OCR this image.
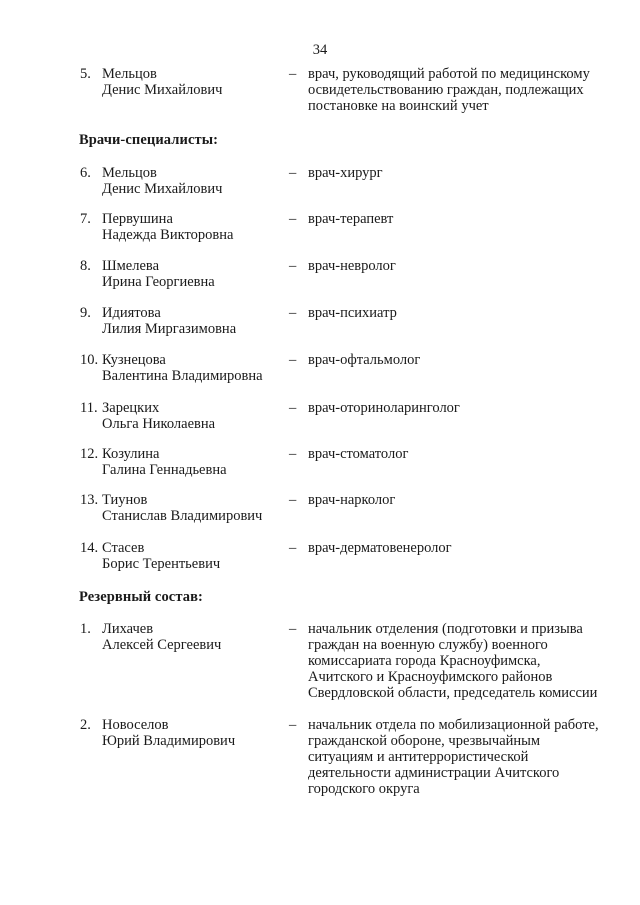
34
5. Мельцов
Денис Михайлович
– врач, руководящий работой по медицинскому
освидетельствованию граждан, подлежащих
постановке на воинский учет
Врачи-специалисты:
6. Мельцов
Денис Михайлович
– врач-хирург
7. Первушина
Надежда Викторовна
– врач-терапевт
8. Шмелева
Ирина Георгиевна
– врач-невролог
9. Идиятова
Лилия Миргазимовна
– врач-психиатр
10. Кузнецова
Валентина Владимировна
– врач-офтальмолог
11. Зарецких
Ольга Николаевна
– врач-оториноларинголог
12. Козулина
Галина Геннадьевна
– врач-стоматолог
13. Тиунов
Станислав Владимирович
– врач-нарколог
14. Стасев
Борис Терентьевич
– врач-дерматовенеролог
Резервный состав:
1. Лихачев
Алексей Сергеевич
– начальник отделения (подготовки и призыва
граждан на военную службу) военного
комиссариата города Красноуфимска,
Ачитского и Красноуфимского районов
Свердловской области, председатель комиссии
2. Новоселов
Юрий Владимирович
– начальник отдела по мобилизационной работе,
гражданской обороне, чрезвычайным
ситуациям и антитеррористической
деятельности администрации Ачитского
городского округа
